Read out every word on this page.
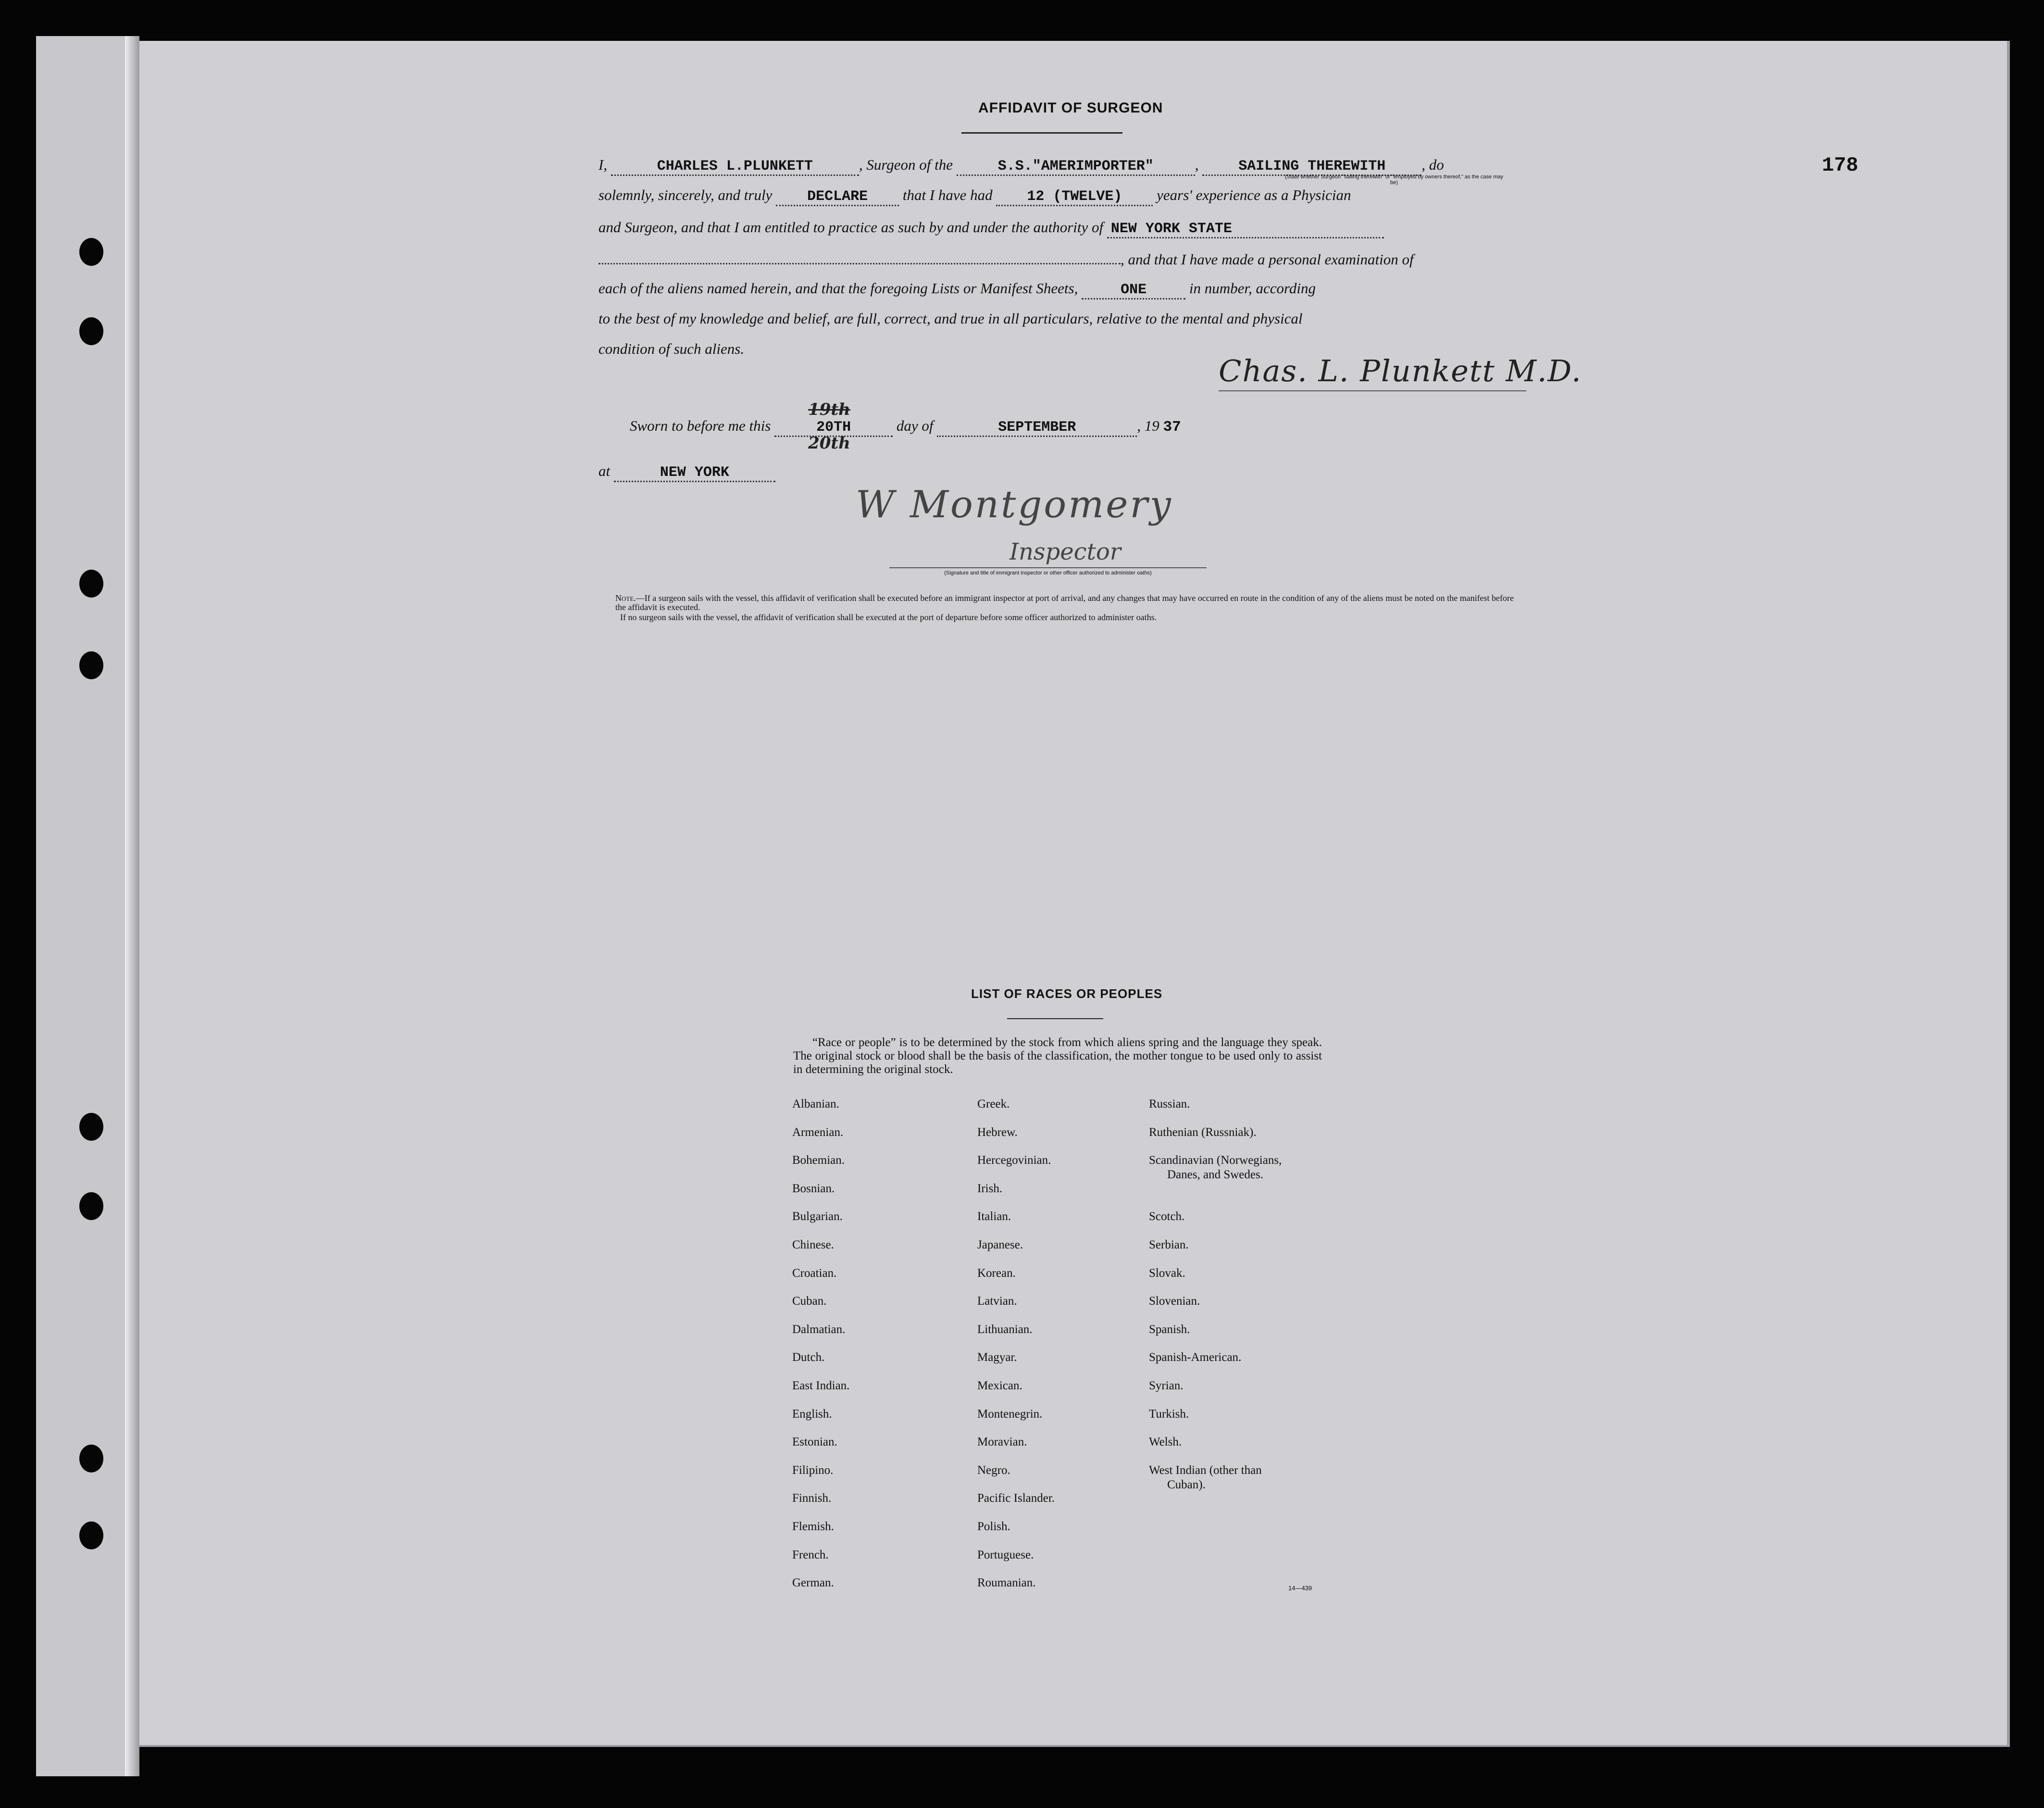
178
AFFIDAVIT OF SURGEON
I,	CHARLES L.PLUNKETT	, Surgeon of the	S.S."AMERIMPORTER"	,	SAILING THEREWITH , do
(State whether Surgeon "sailing therewith" or "employed by owners thereof," as the case may be)
solemnly, sincerely, and truly DECLARE that I have had 12 (TWELVE) years' experience as a Physician
and Surgeon, and that I am entitled to practice as such by and under the authority of NEW YORK STATE
, and that I have made a personal examination of
each of the aliens named herein, and that the foregoing Lists or Manifest Sheets,	ONE	in number, according
to the best of my knowledge and belief, are full, correct, and true in all particulars, relative to the mental and physical
condition of such aliens.
Chas. L. Plunkett M.D.
Sworn to before me this	20TH
19th
20th
day of	SEPTEMBER	, 19 37
at	NEW YORK
W Montgomery
Inspector
(Signature and title of immigrant inspector or other officer authorized to administer oaths)
Note.—If a surgeon sails with the vessel, this affidavit of verification shall be executed before an immigrant inspector at port of arrival, and any changes that may have occurred en route in the condition of any of the aliens must be noted on the manifest before the affidavit is executed.
If no surgeon sails with the vessel, the affidavit of verification shall be executed at the port of departure before some officer authorized to administer oaths.
LIST OF RACES OR PEOPLES
“Race or people” is to be determined by the stock from which aliens spring and the language they speak. The original stock or blood shall be the basis of the classification, the mother tongue to be used only to assist in determining the original stock.
Albanian.
Armenian.
Bohemian.
Bosnian.
Bulgarian.
Chinese.
Croatian.
Cuban.
Dalmatian.
Dutch.
East Indian.
English.
Estonian.
Filipino.
Finnish.
Flemish.
French.
German.
Greek.
Hebrew.
Hercegovinian.
Irish.
Italian.
Japanese.
Korean.
Latvian.
Lithuanian.
Magyar.
Mexican.
Montenegrin.
Moravian.
Negro.
Pacific Islander.
Polish.
Portuguese.
Roumanian.
Russian.
Ruthenian (Russniak).
Scandinavian (Norwegians,
Danes, and Swedes.
Scotch.
Serbian.
Slovak.
Slovenian.
Spanish.
Spanish-American.
Syrian.
Turkish.
Welsh.
West Indian (other than
Cuban).
14—439
